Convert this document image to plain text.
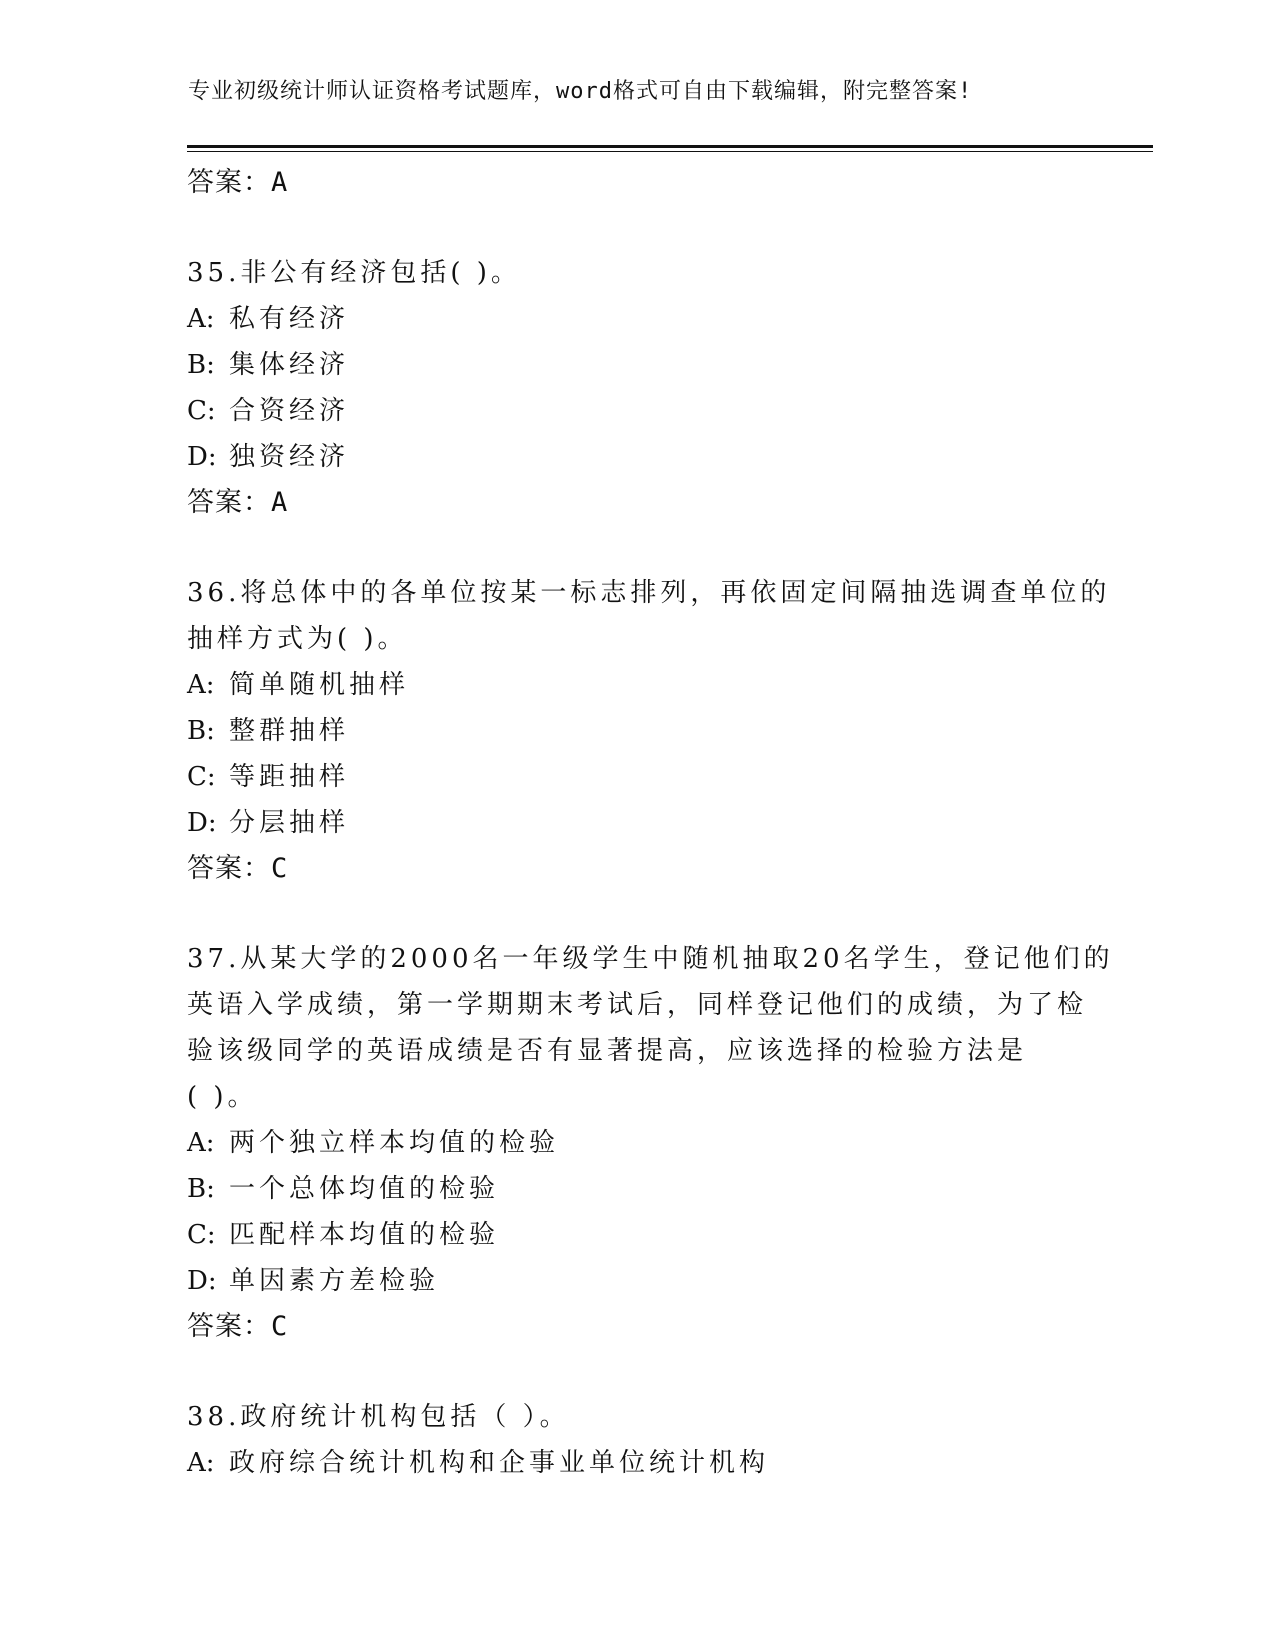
专业初级统计师认证资格考试题库，word格式可自由下载编辑，附完整答案!
答案：A
35.非公有经济包括( )。
A: 私有经济
B: 集体经济
C: 合资经济
D: 独资经济
答案：A
36.将总体中的各单位按某一标志排列，再依固定间隔抽选调查单位的
抽样方式为( )。
A: 简单随机抽样
B: 整群抽样
C: 等距抽样
D: 分层抽样
答案：C
37.从某大学的2000名一年级学生中随机抽取20名学生，登记他们的
英语入学成绩，第一学期期末考试后，同样登记他们的成绩，为了检
验该级同学的英语成绩是否有显著提高，应该选择的检验方法是
( )。
A: 两个独立样本均值的检验
B: 一个总体均值的检验
C: 匹配样本均值的检验
D: 单因素方差检验
答案：C
38.政府统计机构包括（ ）。
A: 政府综合统计机构和企事业单位统计机构
